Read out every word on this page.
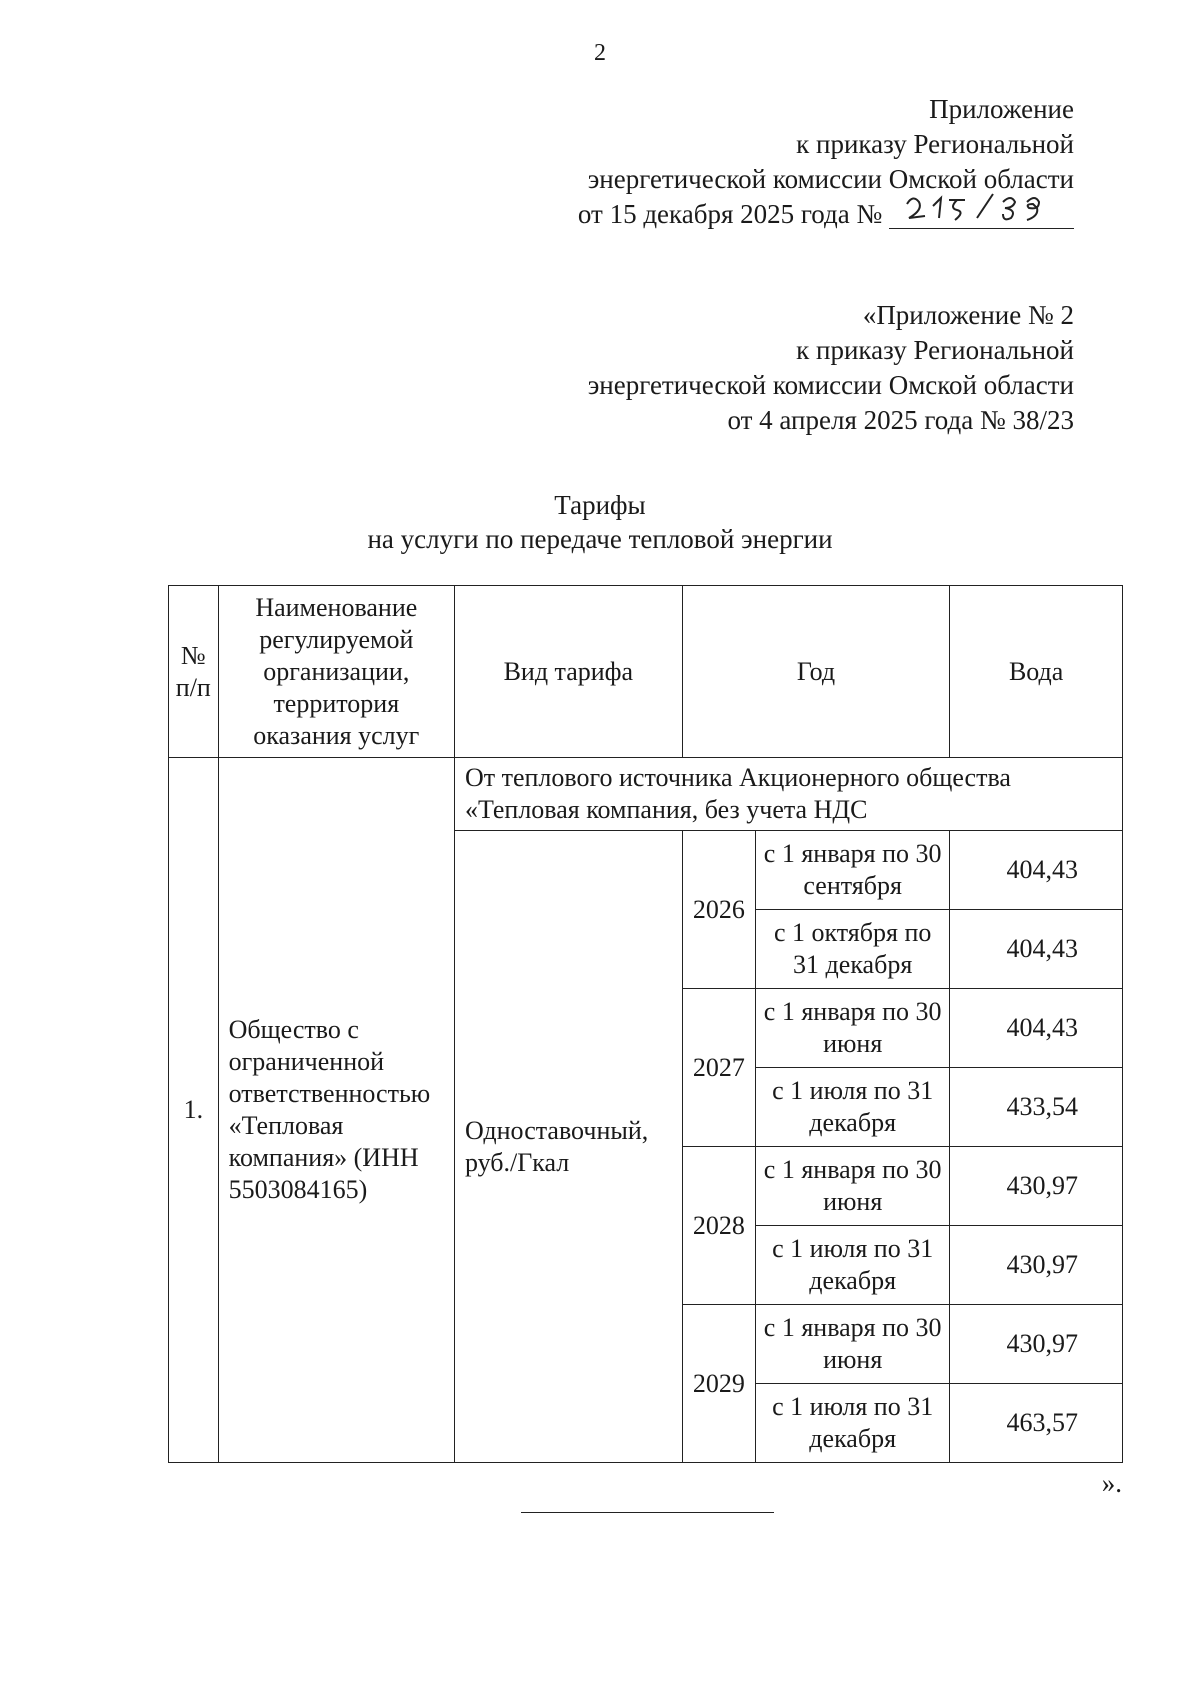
2
Приложение
к приказу Региональной
энергетической комиссии Омской области
от 15 декабря 2025 года №
«Приложение № 2
к приказу Региональной
энергетической комиссии Омской области
от 4 апреля 2025 года № 38/23
Тарифы
на услуги по передаче тепловой энергии
№ п/п	Наименование регулируемой организации, территория оказания услуг	Вид тарифа	Год		Вода
1.	Общество с ограниченной ответственностью «Тепловая компания» (ИНН 5503084165)	От теплового источника Акционерного общества
«Тепловая компания, без учета НДС			
		Одноставочный, руб./Гкал	2026	с 1 января по 30 сентября	404,43
				с 1 октября по 31 декабря	404,43
			2027	с 1 января по 30 июня	404,43
				с 1 июля по 31 декабря	433,54
			2028	с 1 января по 30 июня	430,97
				с 1 июля по 31 декабря	430,97
			2029	с 1 января по 30 июня	430,97
				с 1 июля по 31 декабря	463,57
».
